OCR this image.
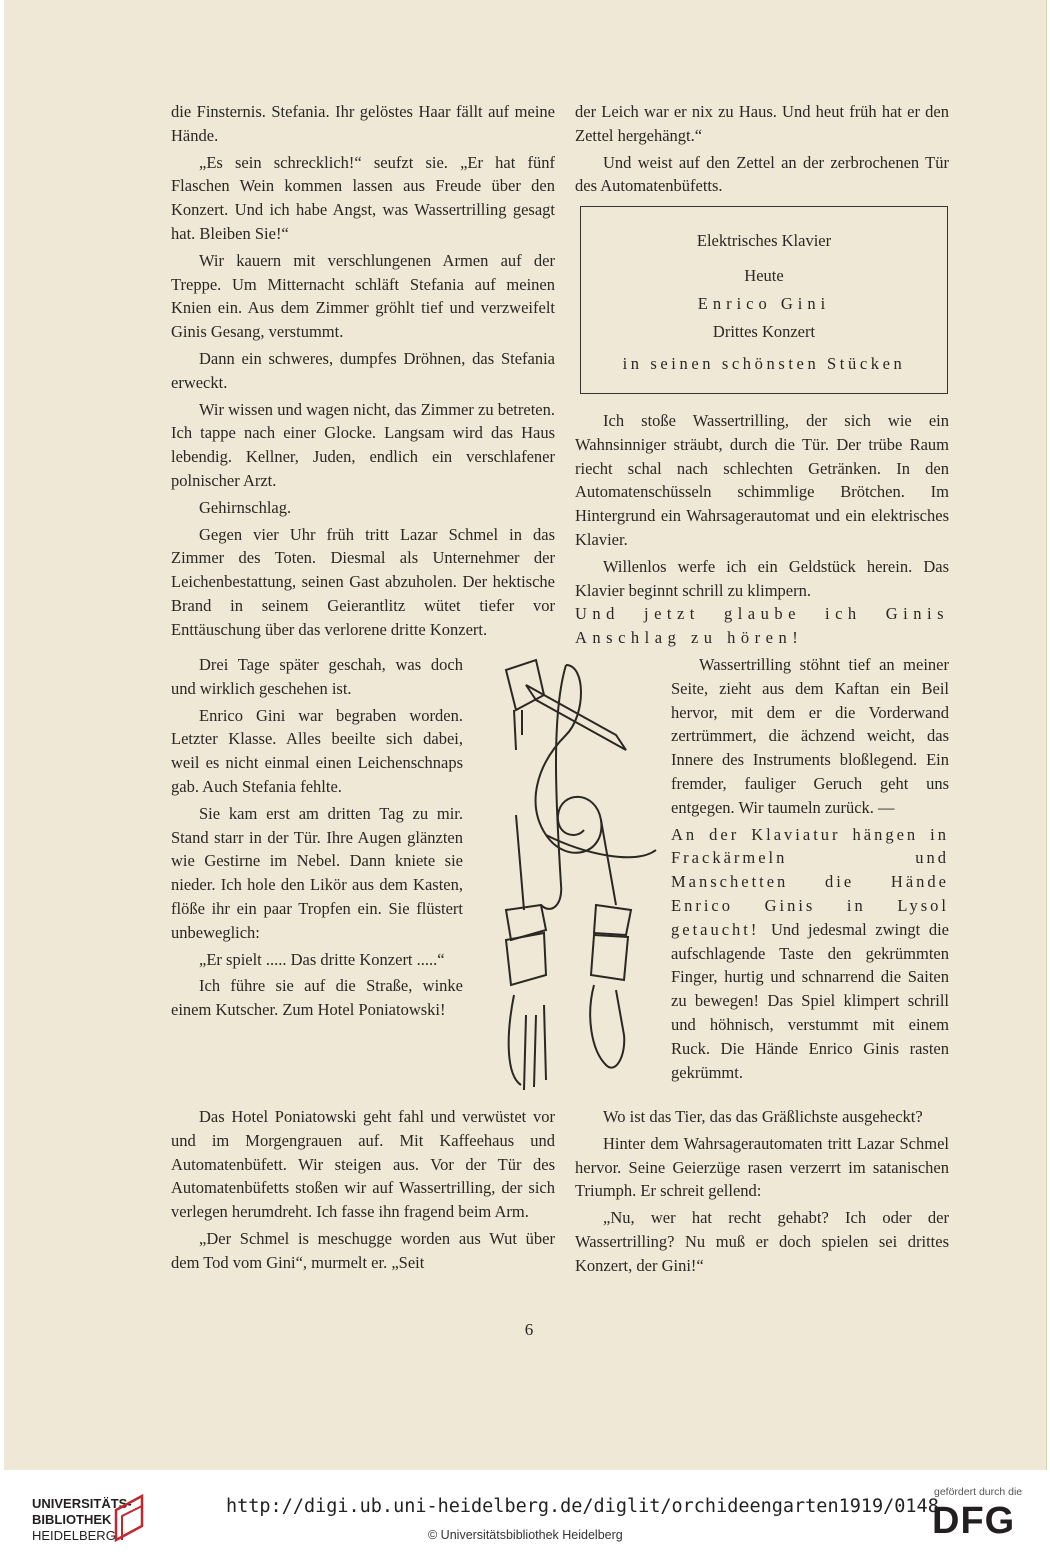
die Finsternis. Stefania. Ihr gelöstes Haar fällt auf meine Hände.

„Es sein schrecklich!“ seufzt sie. „Er hat fünf Flaschen Wein kommen lassen aus Freude über den Konzert. Und ich habe Angst, was Wassertrilling gesagt hat. Bleiben Sie!“

Wir kauern mit verschlungenen Armen auf der Treppe. Um Mitternacht schläft Stefania auf meinen Knien ein. Aus dem Zimmer gröhlt tief und verzweifelt Ginis Gesang, verstummt.

Dann ein schweres, dumpfes Dröhnen, das Stefania erweckt.

Wir wissen und wagen nicht, das Zimmer zu betreten. Ich tappe nach einer Glocke. Langsam wird das Haus lebendig. Kellner, Juden, endlich ein verschlafener polnischer Arzt.

Gehirnschlag.

Gegen vier Uhr früh tritt Lazar Schmel in das Zimmer des Toten. Diesmal als Unternehmer der Leichenbestattung, seinen Gast abzuholen. Der hektische Brand in seinem Geierantlitz wütet tiefer vor Enttäuschung über das verlorene dritte Konzert.

der Leich war er nix zu Haus. Und heut früh hat er den Zettel hergehängt.“

Und weist auf den Zettel an der zerbrochenen Tür des Automatenbüfetts.

Elektrisches Klavier
Heute
Enrico Gini
Drittes Konzert
in seinen schönsten Stücken

Ich stoße Wassertrilling, der sich wie ein Wahnsinniger sträubt, durch die Tür. Der trübe Raum riecht schal nach schlechten Getränken. In den Automatenschüsseln schimmlige Brötchen. Im Hintergrund ein Wahrsagerautomat und ein elektrisches Klavier.

Willenlos werfe ich ein Geldstück herein. Das Klavier beginnt schrill zu klimpern.

Und jetzt glaube ich Ginis Anschlag zu hören!

Drei Tage später geschah, was doch und wirklich geschehen ist.

Enrico Gini war begraben worden. Letzter Klasse. Alles beeilte sich dabei, weil es nicht einmal einen Leichenschnaps gab. Auch Stefania fehlte.

Sie kam erst am dritten Tag zu mir. Stand starr in der Tür. Ihre Augen glänzten wie Gestirne im Nebel. Dann kniete sie nieder. Ich hole den Likör aus dem Kasten, flöße ihr ein paar Tropfen ein. Sie flüstert unbeweglich:

„Er spielt ..... Das dritte Konzert .....“

Ich führe sie auf die Straße, winke einem Kutscher. Zum Hotel Poniatowski!

Wassertrilling stöhnt tief an meiner Seite, zieht aus dem Kaftan ein Beil hervor, mit dem er die Vorderwand zertrümmert, die ächzend weicht, das Innere des Instruments bloßlegend. Ein fremder, fauliger Geruch geht uns entgegen. Wir taumeln zurück. —

An der Klaviatur hängen in Frackärmeln und Manschetten die Hände Enrico Ginis in Lysol getaucht! Und jedesmal zwingt die aufschlagende Taste den gekrümmten Finger, hurtig und schnarrend die Saiten zu bewegen! Das Spiel klimpert schrill und höhnisch, verstummt mit einem Ruck. Die Hände Enrico Ginis rasten gekrümmt.

Das Hotel Poniatowski geht fahl und verwüstet vor und im Morgengrauen auf. Mit Kaffeehaus und Automatenbüfett. Wir steigen aus. Vor der Tür des Automatenbüfetts stoßen wir auf Wassertrilling, der sich verlegen herumdreht. Ich fasse ihn fragend beim Arm.

„Der Schmel is meschugge worden aus Wut über dem Tod vom Gini“, murmelt er. „Seit

Wo ist das Tier, das das Gräßlichste ausgeheckt?

Hinter dem Wahrsagerautomaten tritt Lazar Schmel hervor. Seine Geierzüge rasen verzerrt im satanischen Triumph. Er schreit gellend:

„Nu, wer hat recht gehabt? Ich oder der Wassertrilling? Nu muß er doch spielen sei drittes Konzert, der Gini!“

6
UNIVERSITÄTS-
BIBLIOTHEK
HEIDELBERG
http://digi.ub.uni-heidelberg.de/diglit/orchideengarten1919/0148
© Universitätsbibliothek Heidelberg
gefördert durch die
DFG
